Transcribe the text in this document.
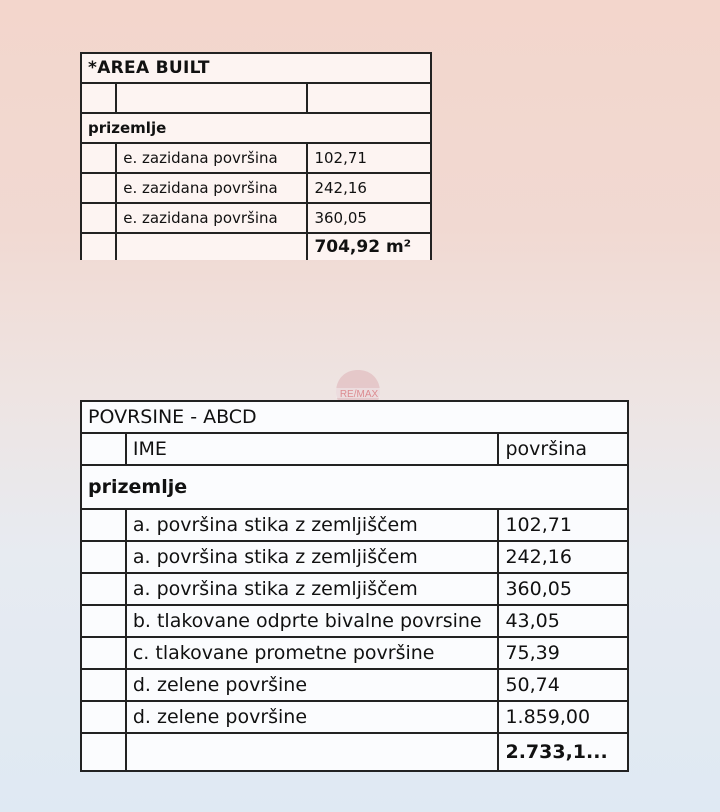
*AREA BUILT		

prizemlje		
	e. zazidana površina	102,71
	e. zazidana površina	242,16
	e. zazidana površina	360,05
		704,92 m²
RE/MAX
POVRSINE - ABCD		
	IME	površina
prizemlje		
	a. površina stika z zemljiščem	102,71
	a. površina stika z zemljiščem	242,16
	a. površina stika z zemljiščem	360,05
	b. tlakovane odprte bivalne povrsine	43,05
	c. tlakovane prometne površine	75,39
	d. zelene površine	50,74
	d. zelene površine	1.859,00
		2.733,1...
